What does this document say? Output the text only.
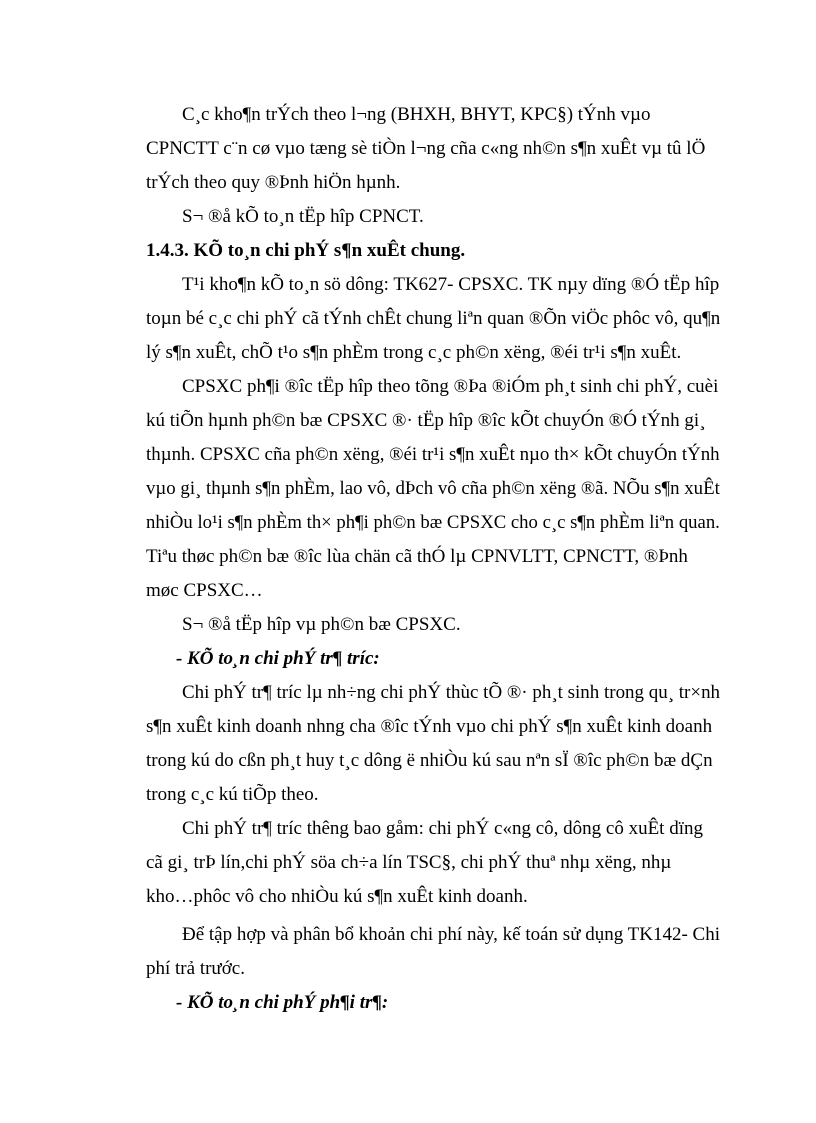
C¸c kho¶n trÝch theo l¬ng (BHXH, BHYT, KPC§) tÝnh vµo
CPNCTT c¨n cø vµo tæng sè tiÒn l¬ng cña c«ng nh©n s¶n xuÊt vµ tû lÖ
trÝch theo quy ®Þnh hiÖn hµnh.
S¬ ®å kÕ to¸n tËp hîp CPNCT.
1.4.3. KÕ to¸n chi phÝ s¶n xuÊt chung.
T¹i kho¶n kÕ to¸n sö dông: TK627- CPSXC. TK nµy dïng ®Ó tËp hîp
toµn bé c¸c chi phÝ cã tÝnh chÊt chung liªn quan ®Õn viÖc phôc vô, qu¶n
lý s¶n xuÊt, chÕ t¹o s¶n phÈm trong c¸c ph©n xëng, ®éi tr¹i s¶n xuÊt.
CPSXC ph¶i ®îc tËp hîp theo tõng ®Þa ®iÓm ph¸t sinh chi phÝ, cuèi
kú tiÕn hµnh ph©n bæ CPSXC ®· tËp hîp ®îc kÕt chuyÓn ®Ó tÝnh gi¸
thµnh. CPSXC cña ph©n xëng, ®éi tr¹i s¶n xuÊt nµo th× kÕt chuyÓn tÝnh
vµo gi¸ thµnh s¶n phÈm, lao vô, dÞch vô cña ph©n xëng ®ã. NÕu s¶n xuÊt
nhiÒu lo¹i s¶n phÈm th× ph¶i ph©n bæ CPSXC cho c¸c s¶n phÈm liªn quan.
Tiªu thøc ph©n bæ ®îc lùa chän cã thÓ lµ CPNVLTT, CPNCTT, ®Þnh
møc CPSXC…
S¬ ®å tËp hîp vµ ph©n bæ CPSXC.
- KÕ to¸n chi phÝ tr¶ tríc:
Chi phÝ tr¶ tríc lµ nh÷ng chi phÝ thùc tÕ ®· ph¸t sinh trong qu¸ tr×nh
s¶n xuÊt kinh doanh nhng cha ®îc tÝnh vµo chi phÝ s¶n xuÊt kinh doanh
trong kú do cßn ph¸t huy t¸c dông ë nhiÒu kú sau nªn sÏ ®îc ph©n bæ dÇn
trong c¸c kú tiÕp theo.
Chi phÝ tr¶ tríc thêng bao gåm: chi phÝ c«ng cô, dông cô xuÊt dïng
cã gi¸ trÞ lín,chi phÝ söa ch÷a lín TSC§, chi phÝ thuª nhµ xëng, nhµ
kho…phôc vô cho nhiÒu kú s¶n xuÊt kinh doanh.
Để tập hợp và phân bổ khoản chi phí này, kế toán sử dụng TK142- Chi
phí trả trước.
- KÕ to¸n chi phÝ ph¶i tr¶:
